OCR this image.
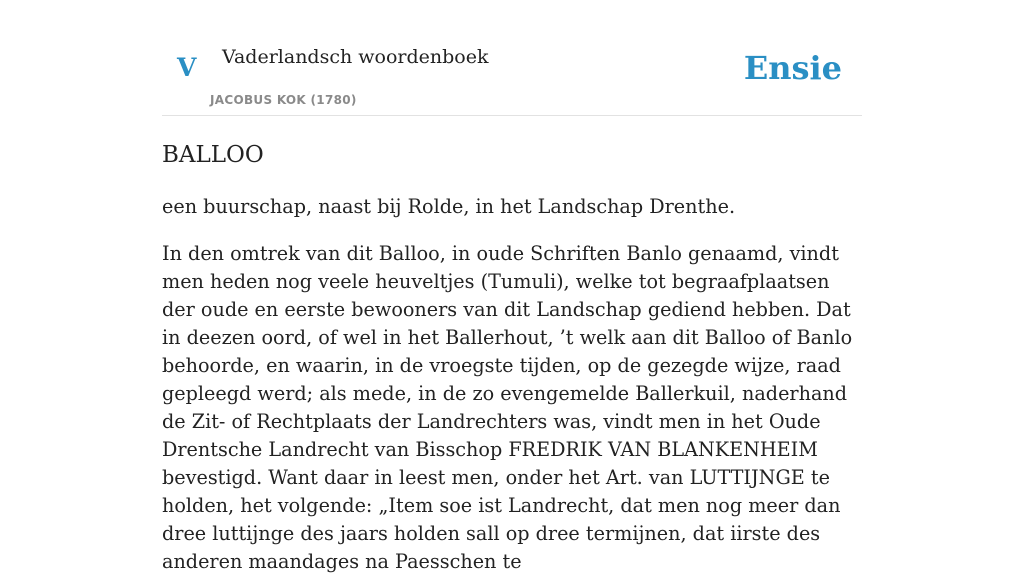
V Vaderlandsch woordenboek
JACOBUS KOK (1780)
Ensie
BALLOO

een buurschap, naast bij Rolde, in het Landschap Drenthe.

In den omtrek van dit Balloo, in oude Schriften Banlo genaamd, vindt men heden nog veele heuveltjes (Tumuli), welke tot begraafplaatsen der oude en eerste bewooners van dit Landschap gediend hebben. Dat in deezen oord, of wel in het Ballerhout, ’t welk aan dit Balloo of Banlo behoorde, en waarin, in de vroegste tijden, op de gezegde wijze, raad gepleegd werd; als mede, in de zo evengemelde Ballerkuil, naderhand de Zit- of Rechtplaats der Landrechters was, vindt men in het Oude Drentsche Landrecht van Bisschop FREDRIK VAN BLANKENHEIM bevestigd. Want daar in leest men, onder het Art. van LUTTIJNGE te holden, het volgende: „Item soe ist Landrecht, dat men nog meer dan dree luttijnge des jaars holden sall op dree termijnen, dat iirste des anderen maandages na Paesschen te
